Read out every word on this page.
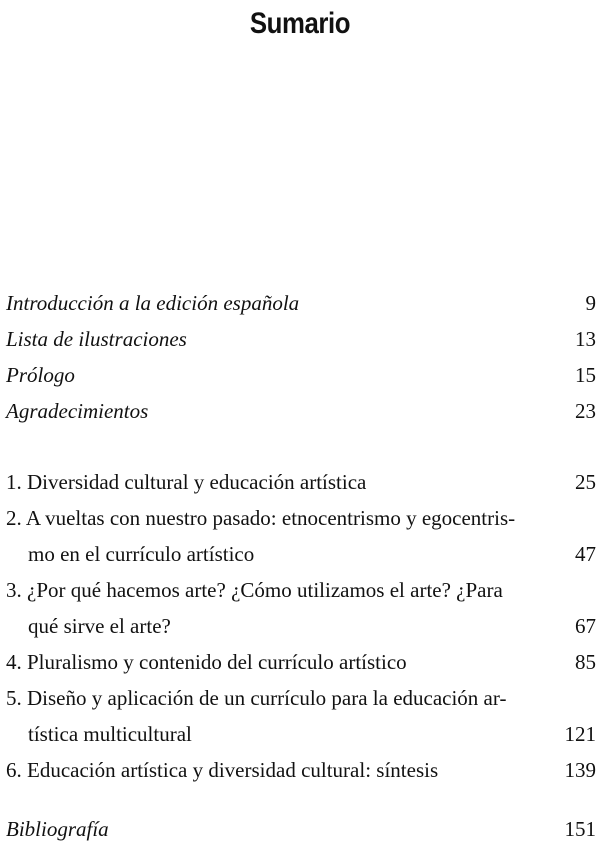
Sumario
Introducción a la edición española	9
Lista de ilustraciones	13
Prólogo	15
Agradecimientos	23
1. Diversidad cultural y educación artística	25
2. A vueltas con nuestro pasado: etnocentrismo y egocentris-
mo en el currículo artístico	47
3. ¿Por qué hacemos arte? ¿Cómo utilizamos el arte? ¿Para
qué sirve el arte?	67
4. Pluralismo y contenido del currículo artístico	85
5. Diseño y aplicación de un currículo para la educación ar-
tística multicultural	121
6. Educación artística y diversidad cultural: síntesis	139
Bibliografía	151
